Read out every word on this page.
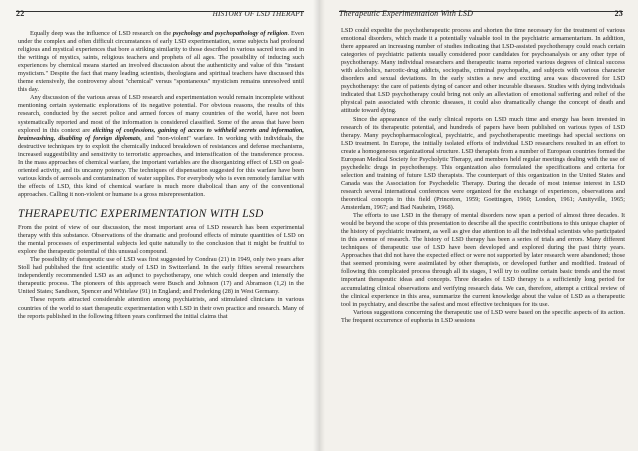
22	HISTORY OF LSD THERAPY

Equally deep was the influence of LSD research on the psychology and psychopathology of religion. Even under the complex and often difficult circumstances of early LSD experimentation, some subjects had profound religious and mystical experiences that bore a striking similarity to those described in various sacred texts and in the writings of mystics, saints, religious teachers and prophets of all ages. The possibility of inducing such experiences by chemical means started an involved discussion about the authenticity and value of this "instant mysticism." Despite the fact that many leading scientists, theologians and spiritual teachers have discussed this theme extensively, the controversy about "chemical" versus "spontaneous" mysticism remains unresolved until this day.

Any discussion of the various areas of LSD research and experimentation would remain incomplete without mentioning certain systematic explorations of its negative potential. For obvious reasons, the results of this research, conducted by the secret police and armed forces of many countries of the world, have not been systematically reported and most of the information is considered classified. Some of the areas that have been explored in this context are eliciting of confessions, gaining of access to withheld secrets and information, brainwashing, disabling of foreign diplomats, and "non-violent" warfare. In working with individuals, the destructive techniques try to exploit the chemically induced breakdown of resistances and defense mechanisms, increased suggestibility and sensitivity to terroristic approaches, and intensification of the transference process. In the mass approaches of chemical warfare, the important variables are the disorganizing effect of LSD on goal-oriented activity, and its uncanny potency. The techniques of dispensation suggested for this warfare have been various kinds of aerosols and contamination of water supplies. For everybody who is even remotely familiar with the effects of LSD, this kind of chemical warfare is much more diabolical than any of the conventional approaches. Calling it non-violent or humane is a gross misrepresentation.

THERAPEUTIC EXPERIMENTATION WITH LSD

From the point of view of our discussion, the most important area of LSD research has been experimental therapy with this substance. Observations of the dramatic and profound effects of minute quantities of LSD on the mental processes of experimental subjects led quite naturally to the conclusion that it might be fruitful to explore the therapeutic potential of this unusual compound.

The possibility of therapeutic use of LSD was first suggested by Condrau (21) in 1949, only two years after Stoll had published the first scientific study of LSD in Switzerland. In the early fifties several researchers independently recommended LSD as an adjunct to psychotherapy, one which could deepen and intensify the therapeutic process. The pioneers of this approach were Busch and Johnson (17) and Abramson (1,2) in the United States; Sandison, Spencer and Whitelaw (91) in England; and Frederking (28) in West Germany.

These reports attracted considerable attention among psychiatrists, and stimulated clinicians in various countries of the world to start therapeutic experimentation with LSD in their own practice and research. Many of the reports published in the following fifteen years confirmed the initial claims that

Therapeutic Experimentation With LSD	23

LSD could expedite the psychotherapeutic process and shorten the time necessary for the treatment of various emotional disorders, which made it a potentially valuable tool in the psychiatric armamentarium. In addition, there appeared an increasing number of studies indicating that LSD-assisted psychotherapy could reach certain categories of psychiatric patients usually considered poor candidates for psychoanalysis or any other type of psychotherapy. Many individual researchers and therapeutic teams reported various degrees of clinical success with alcoholics, narcotic-drug addicts, sociopaths, criminal psychopaths, and subjects with various character disorders and sexual deviations. In the early sixties a new and exciting area was discovered for LSD psychotherapy: the care of patients dying of cancer and other incurable diseases. Studies with dying individuals indicated that LSD psychotherapy could bring not only an alleviation of emotional suffering and relief of the physical pain associated with chronic diseases, it could also dramatically change the concept of death and attitude toward dying.

Since the appearance of the early clinical reports on LSD much time and energy has been invested in research of its therapeutic potential, and hundreds of papers have been published on various types of LSD therapy. Many psychopharmacological, psychiatric, and psychotherapeutic meetings had special sections on LSD treatment. In Europe, the initially isolated efforts of individual LSD researchers resulted in an effort to create a homogeneous organizational structure. LSD therapists from a number of European countries formed the European Medical Society for Psycholytic Therapy, and members held regular meetings dealing with the use of psychedelic drugs in psychotherapy. This organization also formulated the specifications and criteria for selection and training of future LSD therapists. The counterpart of this organization in the United States and Canada was the Association for Psychedelic Therapy. During the decade of most intense interest in LSD research several international conferences were organized for the exchange of experiences, observations and theoretical concepts in this field (Princeton, 1959; Goettingen, 1960; London, 1961; Amityville, 1965; Amsterdam, 1967; and Bad Nauheim, 1968).

The efforts to use LSD in the therapy of mental disorders now span a period of almost three decades. It would be beyond the scope of this presentation to describe all the specific contributions to this unique chapter of the history of psychiatric treatment, as well as give due attention to all the individual scientists who participated in this avenue of research. The history of LSD therapy has been a series of trials and errors. Many different techniques of therapeutic use of LSD have been developed and explored during the past thirty years. Approaches that did not have the expected effect or were not supported by later research were abandoned; those that seemed promising were assimilated by other therapists, or developed further and modified. Instead of following this complicated process through all its stages, I will try to outline certain basic trends and the most important therapeutic ideas and concepts. Three decades of LSD therapy is a sufficiently long period for accumulating clinical observations and verifying research data. We can, therefore, attempt a critical review of the clinical experience in this area, summarize the current knowledge about the value of LSD as a therapeutic tool in psychiatry, and describe the safest and most effective techniques for its use.

Various suggestions concerning the therapeutic use of LSD were based on the specific aspects of its action. The frequent occurrence of euphoria in LSD sessions
